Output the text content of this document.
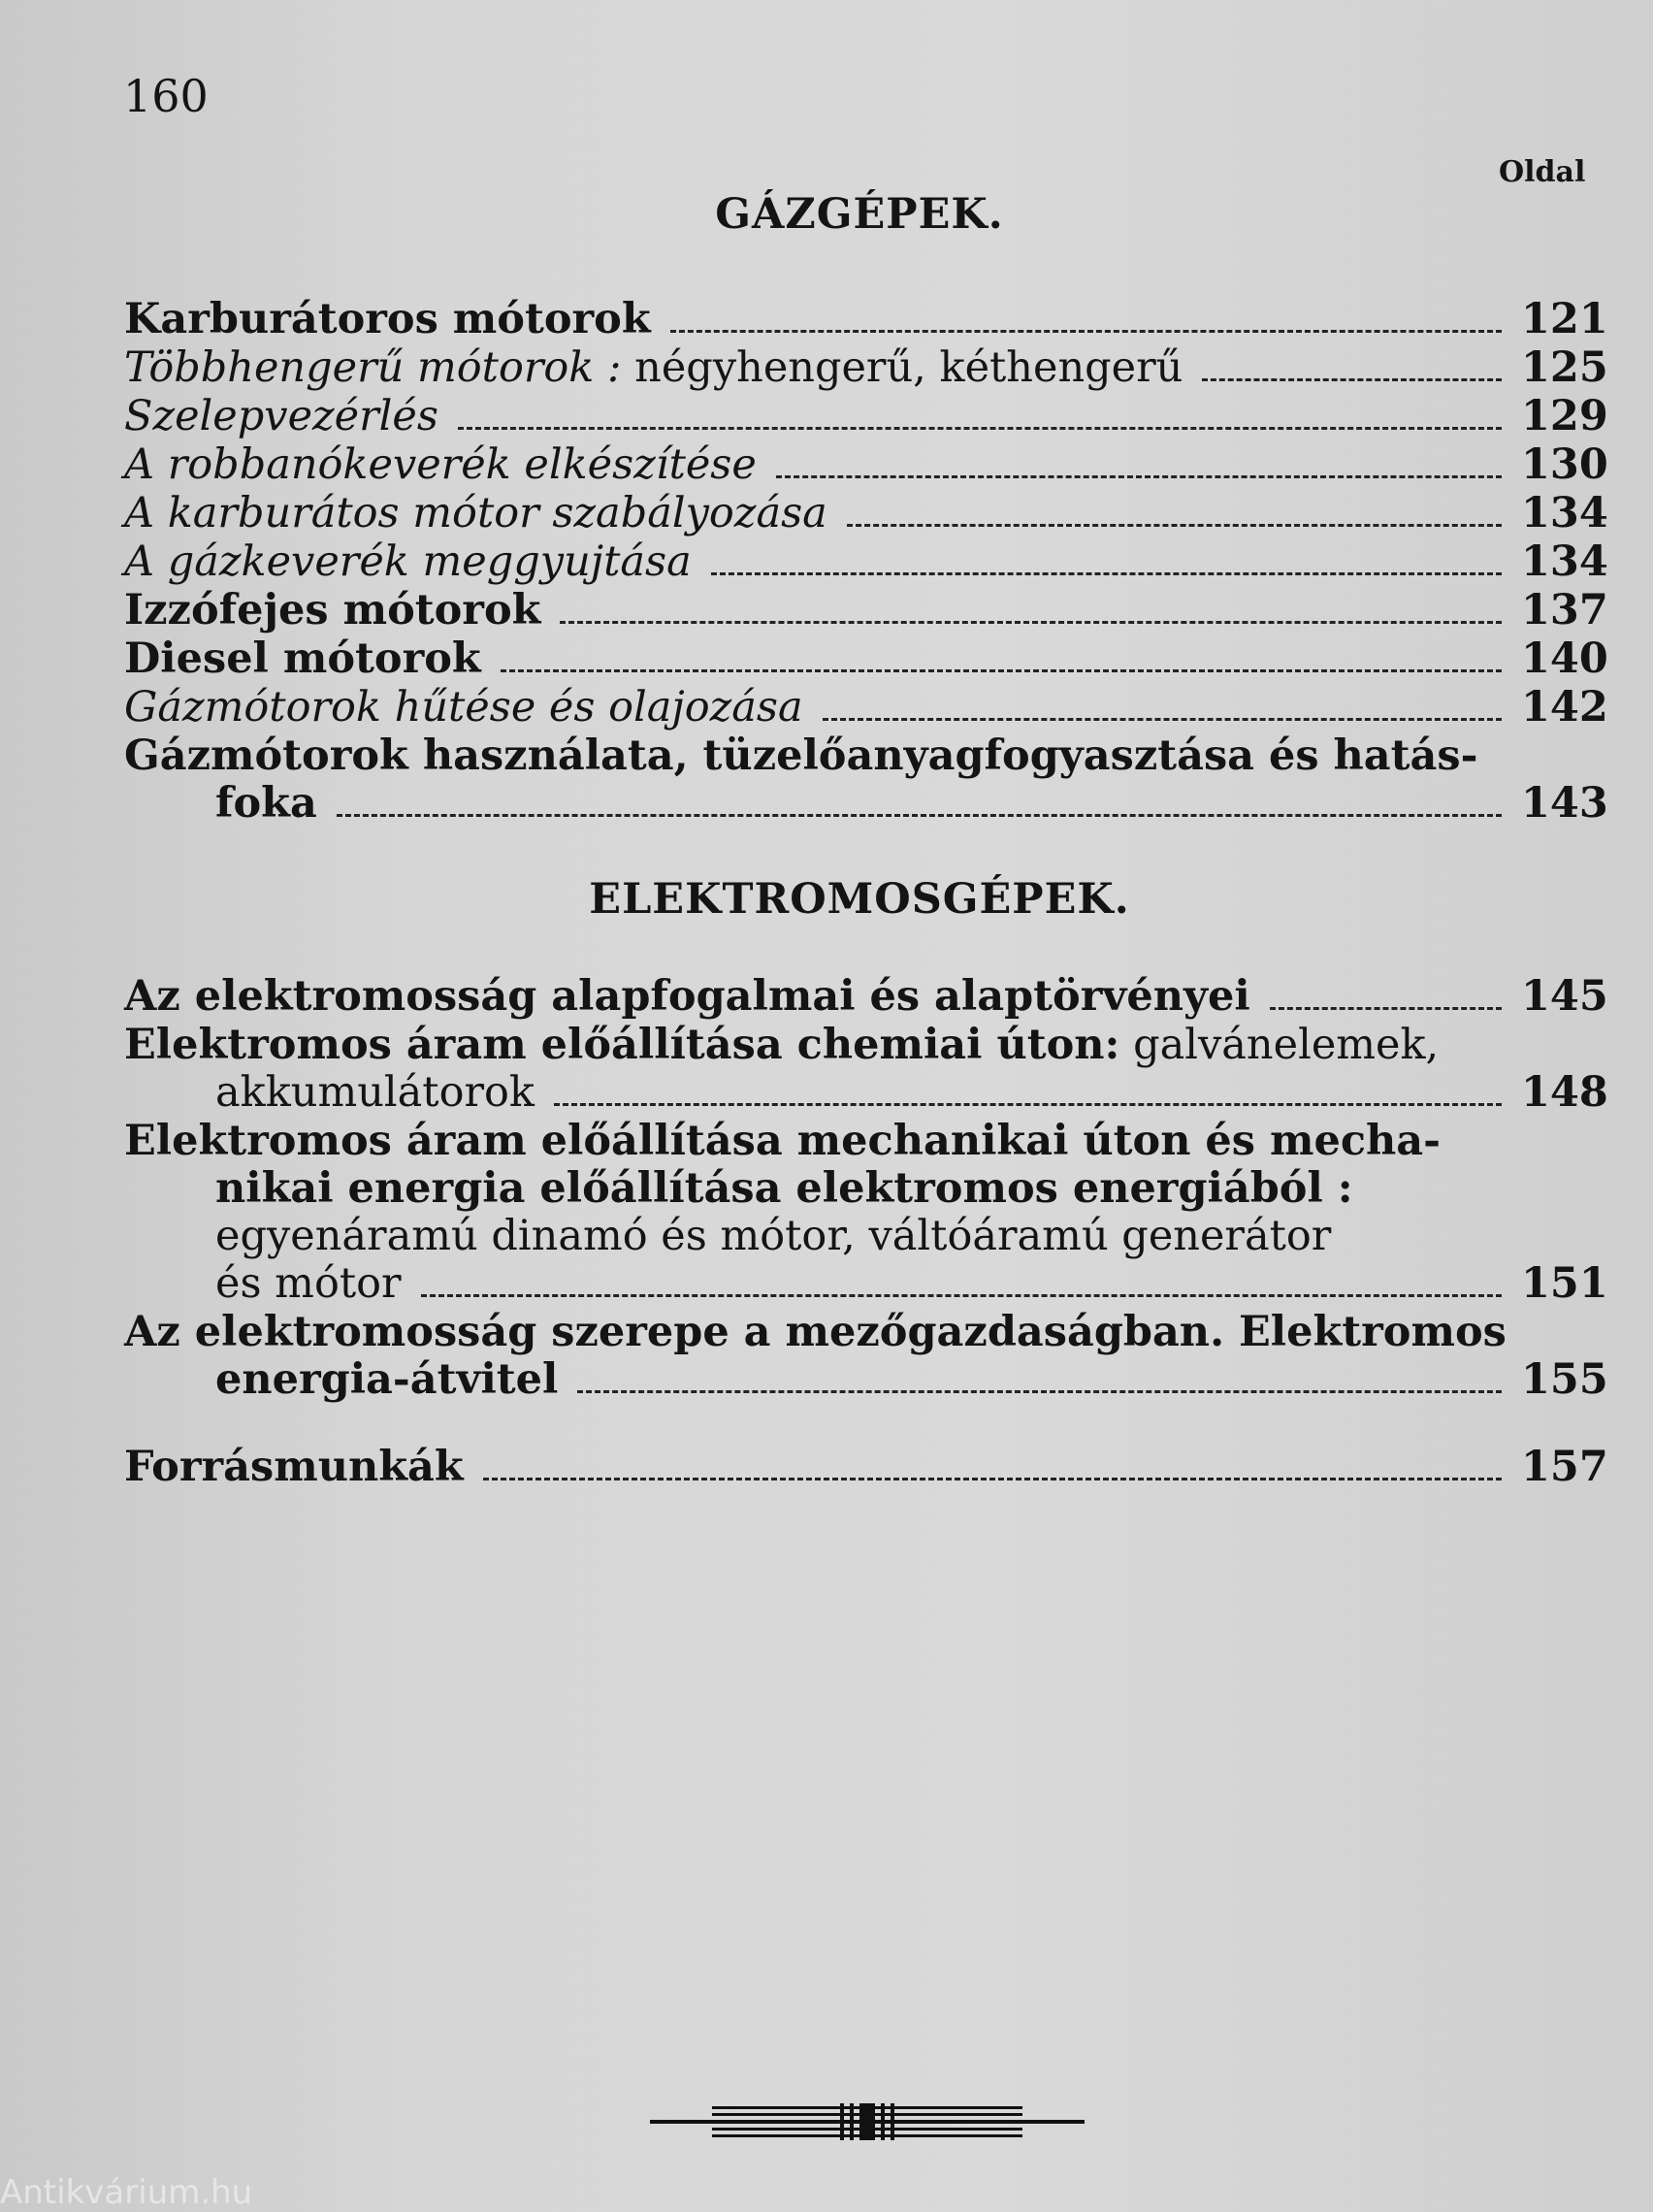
160
Oldal
GÁZGÉPEK.
Karburátoros mótorok	121
Többhengerű mótorok : négyhengerű, kéthengerű	125
Szelepvezérlés	129
A robbanókeverék elkészítése	130
A karburátos mótor szabályozása	134
A gázkeverék meggyujtása	134
Izzófejes mótorok	137
Diesel mótorok	140
Gázmótorok hűtése és olajozása	142
Gázmótorok használata, tüzelőanyagfogyasztása és hatás-
foka	143
ELEKTROMOSGÉPEK.
Az elektromosság alapfogalmai és alaptörvényei	145
Elektromos áram előállítása chemiai úton: galvánelemek,
akkumulátorok	148
Elektromos áram előállítása mechanikai úton és mecha-
nikai energia előállítása elektromos energiából :
egyenáramú dinamó és mótor, váltóáramú generátor
és mótor	151
Az elektromosság szerepe a mezőgazdaságban. Elektromos
energia-átvitel	155
Forrásmunkák	157
Antikvárium.hu
